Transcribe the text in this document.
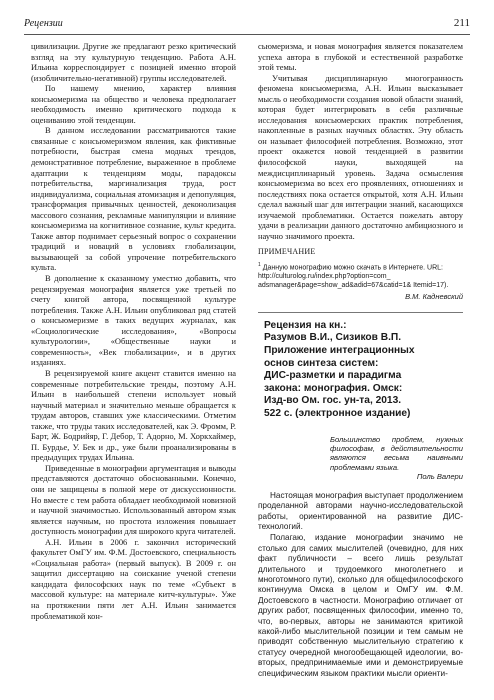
Рецензии	211

цивилизации. Другие же предлагают резко критический взгляд на эту культурную тенденцию. Работа А.Н. Ильина корреспондирует с позицией именно второй (изобличительно-негативной) группы исследователей.

По нашему мнению, характер влияния консьюмеризма на общество и человека предполагает необходимость именно критического подхода к оцениванию этой тенденции.

В данном исследовании рассматриваются такие связанные с консьюмеризмом явления, как фиктивные потребности, быстрая смена модных трендов, демонстративное потребление, выраженное в проблеме адаптации к тенденциям моды, парадоксы потребительства, маргинализация труда, рост индивидуализма, социальная атомизация и депопуляция, трансформация привычных ценностей, деконолизация массового сознания, рекламные манипуляции и влияние консьюмеризма на когнитивное сознание, культ кредита. Также автор поднимает серьезный вопрос о сохранении традиций и новаций в условиях глобализации, вызывающей за собой упрочение потребительского культа.

В дополнение к сказанному уместно добавить, что рецензируемая монография является уже третьей по счету книгой автора, посвященной культуре потребления. Также А.Н. Ильин опубликовал ряд статей о консьюмеризме в таких ведущих журналах, как «Социологические исследования», «Вопросы культурологии», «Общественные науки и современность», «Век глобализации», и в других изданиях.

В рецензируемой книге акцент ставится именно на современные потребительские тренды, поэтому А.Н. Ильин в наибольшей степени использует новый научный материал и значительно меньше обращается к трудам авторов, ставших уже классическими. Отметим также, что труды таких исследователей, как Э. Фромм, Р. Барт, Ж. Бодрийяр, Г. Дебор, Т. Адорно, М. Хоркхаймер, П. Бурдье, У. Бек и др., уже были проанализированы в предыдущих трудах Ильина.

Приведенные в монографии аргументация и выводы представляются достаточно обоснованными. Конечно, они не защищены в полной мере от дискуссионности. Но вместе с тем работа обладает необходимой новизной и научной значимостью. Использованный автором язык является научным, но простота изложения повышает доступность монографии для широкого круга читателей.

А.Н. Ильин в 2006 г. закончил исторический факультет ОмГУ им. Ф.М. Достоевского, специальность «Социальная работа» (первый выпуск). В 2009 г. он защитил диссертацию на соискание ученой степени кандидата философских наук по теме «Субъект в массовой культуре: на материале китч-культуры». Уже на протяжении пяти лет А.Н. Ильин занимается проблематикой кон-

сьюмеризма, и новая монография является показателем успеха автора в глубокой и естественной разработке этой темы.

Учитывая дисциплинарную многогранность феномена консьюмеризма, А.Н. Ильин высказывает мысль о необходимости создания новой области знаний, которая будет интегрировать в себя различные исследования консьюмерских практик потребления, накопленные в разных научных областях. Эту область он называет философией потребления. Возможно, этот проект окажется новой тенденцией в развитии философской науки, выходящей на междисциплинарный уровень. Задача осмысления консьюмеризма во всех его проявлениях, отношениях и последствиях пока остается открытой, хотя А.Н. Ильин сделал важный шаг для интеграции знаний, касающихся изучаемой проблематики. Остается пожелать автору удачи в реализации данного достаточно амбициозного и научно значимого проекта.

ПРИМЕЧАНИЕ
$^1$ Данную монографию можно скачать в Интернете. URL: http://culturolog.ru/index.php?option=com_ adsmanager&page=show_ad&adid=67&catid=1& Itemid=17).
В.М. Кадневский
Рецензия на кн.:
Разумов В.И., Сизиков В.П.
Приложение интеграционных
основ синтеза систем:
ДИС-разметки и парадигма
закона: монография. Омск:
Изд-во Ом. гос. ун-та, 2013.
522 с. (электронное издание)
Большинство проблем, нужных философам, в действительности являются весьма наивными проблемами языка.
Поль Валери

Настоящая монография выступает продолжением проделанной авторами научно-исследовательской работы, ориентированной на развитие ДИС-технологий.

Полагаю, издание монографии значимо не столько для самих мыслителей (очевидно, для них факт публичности – всего лишь результат длительного и трудоемкого многолетнего и многотомного пути), сколько для общефилософского континуума Омска в целом и ОмГУ им. Ф.М. Достоевского в частности. Монографию отличает от других работ, посвященных философии, именно то, что, во-первых, авторы не занимаются критикой какой-либо мыслительной позиции и тем самым не приводят собственную мыслительную стратегию к статусу очередной многообещающей идеологии, во-вторых, предпринимаемые ими и демонстрируемые специфическим языком практики мысли ориенти-
